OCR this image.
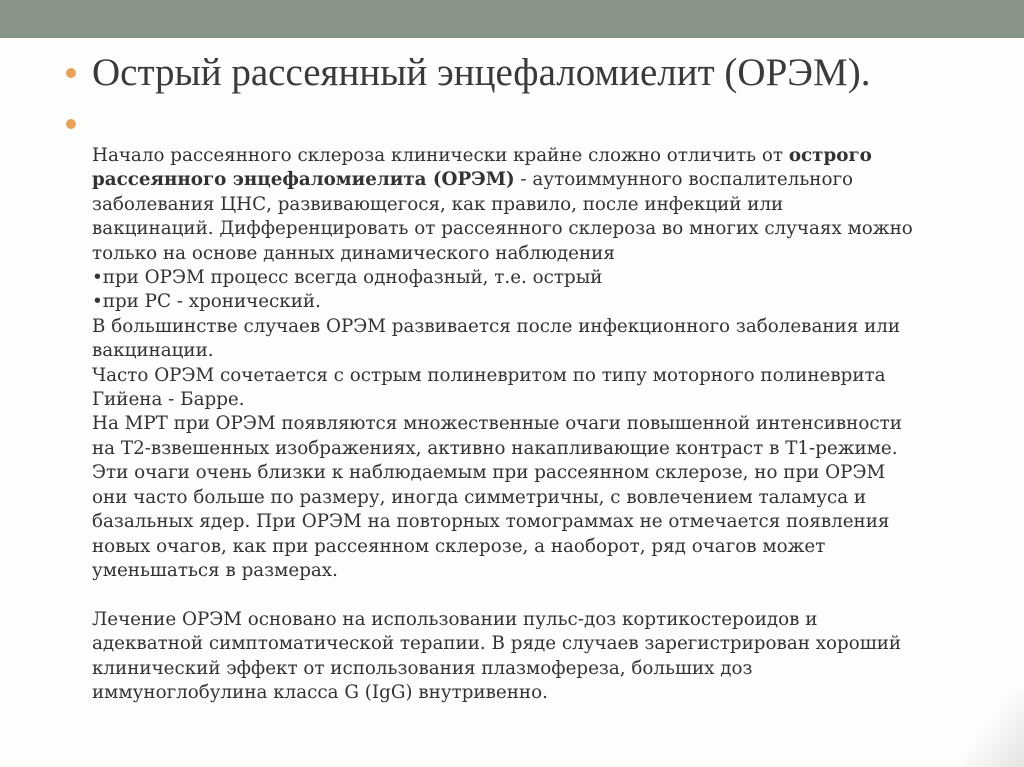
Острый рассеянный энцефаломиелит (ОРЭМ).
Начало рассеянного склероза клинически крайне сложно отличить от острого
рассеянного энцефаломиелита (ОРЭМ) - аутоиммунного воспалительного
заболевания ЦНС, развивающегося, как правило, после инфекций или
вакцинаций. Дифференцировать от рассеянного склероза во многих случаях можно
только на основе данных динамического наблюдения
•при ОРЭМ процесс всегда однофазный, т.е. острый
•при РС - хронический.
В большинстве случаев ОРЭМ развивается после инфекционного заболевания или
вакцинации.
Часто ОРЭМ сочетается с острым полиневритом по типу моторного полиневрита
Гийена - Барре.
На МРТ при ОРЭМ появляются множественные очаги повышенной интенсивности
на Т2-взвешенных изображениях, активно накапливающие контраст в Т1-режиме.
Эти очаги очень близки к наблюдаемым при рассеянном склерозе, но при ОРЭМ
они часто больше по размеру, иногда симметричны, с вовлечением таламуса и
базальных ядер. При ОРЭМ на повторных томограммах не отмечается появления
новых очагов, как при рассеянном склерозе, а наоборот, ряд очагов может
уменьшаться в размерах.
Лечение ОРЭМ основано на использовании пульс-доз кортикостероидов и
адекватной симптоматической терапии. В ряде случаев зарегистрирован хороший
клинический эффект от использования плазмофереза, больших доз
иммуноглобулина класса G (IgG) внутривенно.
